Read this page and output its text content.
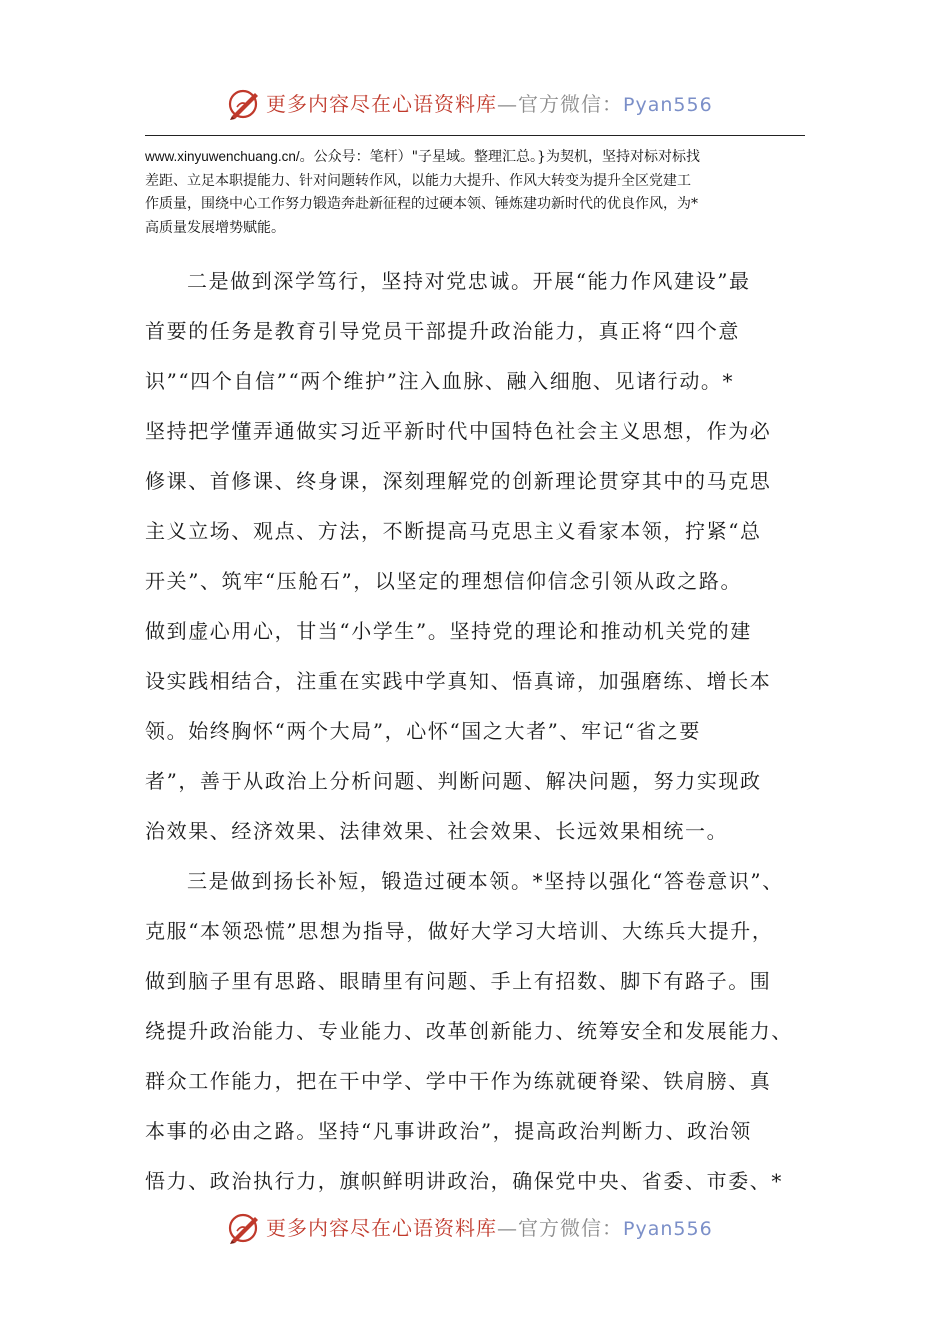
更多内容尽在心语资料库—官方微信：Pyan556
www.xinyuwenchuang.cn/。公众号：笔杆）"子星域。整理汇总。}为契机，坚持对标对标找
差距、立足本职提能力、针对问题转作风，以能力大提升、作风大转变为提升全区党建工
作质量，围绕中心工作努力锻造奔赴新征程的过硬本领、锤炼建功新时代的优良作风，为*
高质量发展增势赋能。
二是做到深学笃行，坚持对党忠诚。开展“能力作风建设”最
首要的任务是教育引导党员干部提升政治能力，真正将“四个意
识”“四个自信”“两个维护”注入血脉、融入细胞、见诸行动。*
坚持把学懂弄通做实习近平新时代中国特色社会主义思想，作为必
修课、首修课、终身课，深刻理解党的创新理论贯穿其中的马克思
主义立场、观点、方法，不断提高马克思主义看家本领，拧紧“总
开关”、筑牢“压舱石”，以坚定的理想信仰信念引领从政之路。
做到虚心用心，甘当“小学生”。坚持党的理论和推动机关党的建
设实践相结合，注重在实践中学真知、悟真谛，加强磨练、增长本
领。始终胸怀“两个大局”，心怀“国之大者”、牢记“省之要
者”，善于从政治上分析问题、判断问题、解决问题，努力实现政
治效果、经济效果、法律效果、社会效果、长远效果相统一。
三是做到扬长补短，锻造过硬本领。*坚持以强化“答卷意识”、
克服“本领恐慌”思想为指导，做好大学习大培训、大练兵大提升，
做到脑子里有思路、眼睛里有问题、手上有招数、脚下有路子。围
绕提升政治能力、专业能力、改革创新能力、统筹安全和发展能力、
群众工作能力，把在干中学、学中干作为练就硬脊梁、铁肩膀、真
本事的必由之路。坚持“凡事讲政治”，提高政治判断力、政治领
悟力、政治执行力，旗帜鲜明讲政治，确保党中央、省委、市委、*
更多内容尽在心语资料库—官方微信：Pyan556
